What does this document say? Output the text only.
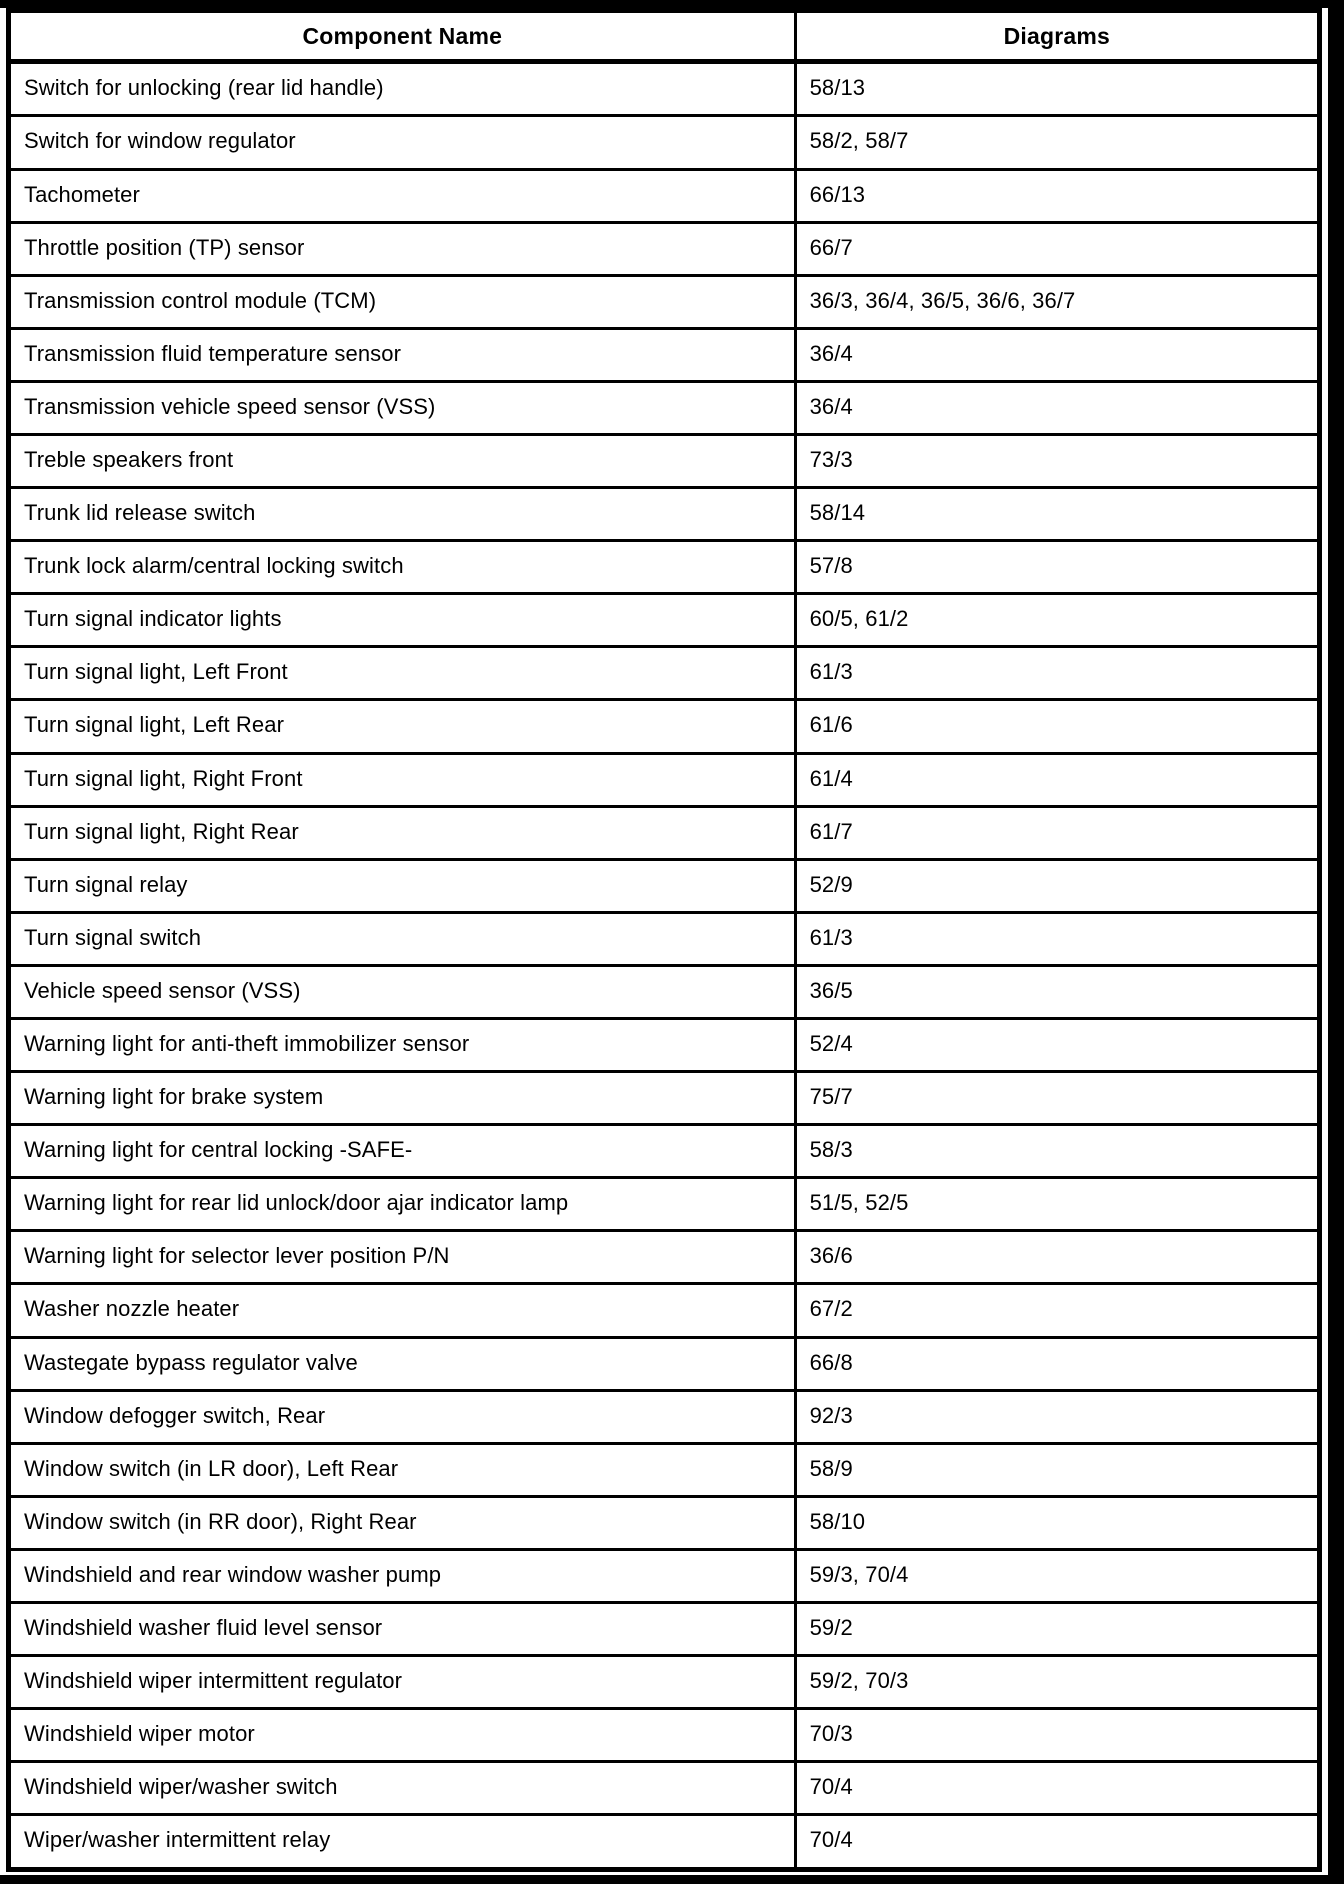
Component Name	Diagrams
Switch for unlocking (rear lid handle)	58/13
Switch for window regulator	58/2, 58/7
Tachometer	66/13
Throttle position (TP) sensor	66/7
Transmission control module (TCM)	36/3, 36/4, 36/5, 36/6, 36/7
Transmission fluid temperature sensor	36/4
Transmission vehicle speed sensor (VSS)	36/4
Treble speakers front	73/3
Trunk lid release switch	58/14
Trunk lock alarm/central locking switch	57/8
Turn signal indicator lights	60/5, 61/2
Turn signal light, Left Front	61/3
Turn signal light, Left Rear	61/6
Turn signal light, Right Front	61/4
Turn signal light, Right Rear	61/7
Turn signal relay	52/9
Turn signal switch	61/3
Vehicle speed sensor (VSS)	36/5
Warning light for anti-theft immobilizer sensor	52/4
Warning light for brake system	75/7
Warning light for central locking -SAFE-	58/3
Warning light for rear lid unlock/door ajar indicator lamp	51/5, 52/5
Warning light for selector lever position P/N	36/6
Washer nozzle heater	67/2
Wastegate bypass regulator valve	66/8
Window defogger switch, Rear	92/3
Window switch (in LR door), Left Rear	58/9
Window switch (in RR door), Right Rear	58/10
Windshield and rear window washer pump	59/3, 70/4
Windshield washer fluid level sensor	59/2
Windshield wiper intermittent regulator	59/2, 70/3
Windshield wiper motor	70/3
Windshield wiper/washer switch	70/4
Wiper/washer intermittent relay	70/4
